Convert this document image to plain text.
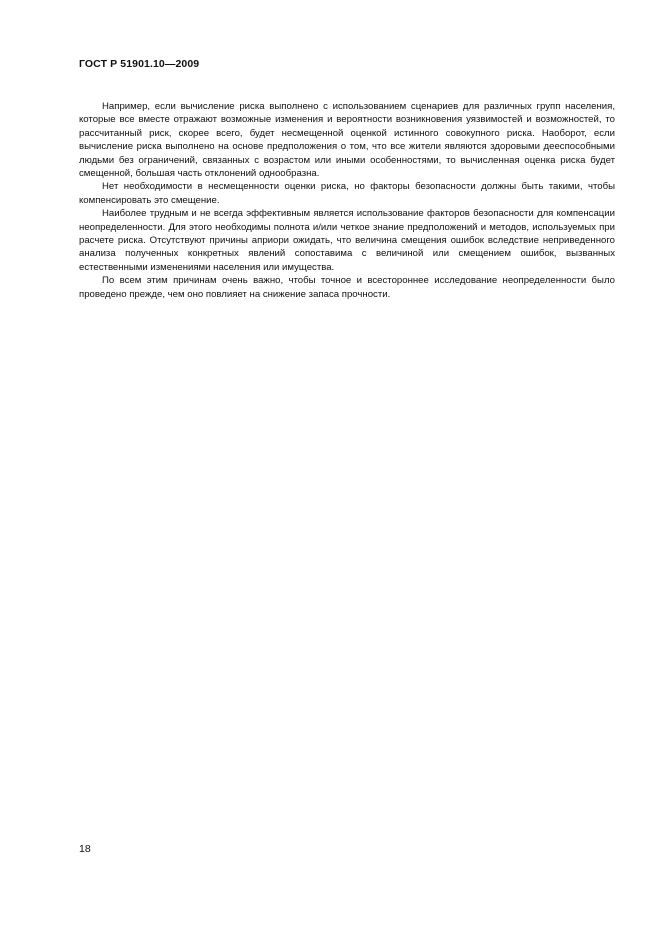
ГОСТ Р 51901.10—2009

Например, если вычисление риска выполнено с использованием сценариев для различных групп населения, которые все вместе отражают возможные изменения и вероятности возникновения уязвимостей и возможностей, то рассчитанный риск, скорее всего, будет несмещенной оценкой истинного совокупного риска. Наоборот, если вычисление риска выполнено на основе предположения о том, что все жители являются здоровыми дееспособными людьми без ограничений, связанных с возрастом или иными особенностями, то вычисленная оценка риска будет смещенной, большая часть отклонений однообразна.

Нет необходимости в несмещенности оценки риска, но факторы безопасности должны быть такими, чтобы компенсировать это смещение.

Наиболее трудным и не всегда эффективным является использование факторов безопасности для компенсации неопределенности. Для этого необходимы полнота и/или четкое знание предположений и методов, используемых при расчете риска. Отсутствуют причины априори ожидать, что величина смещения ошибок вследствие неприведенного анализа полученных конкретных явлений сопоставима с величиной или смещением ошибок, вызванных естественными изменениями населения или имущества.

По всем этим причинам очень важно, чтобы точное и всестороннее исследование неопределенности было проведено прежде, чем оно повлияет на снижение запаса прочности.

18
